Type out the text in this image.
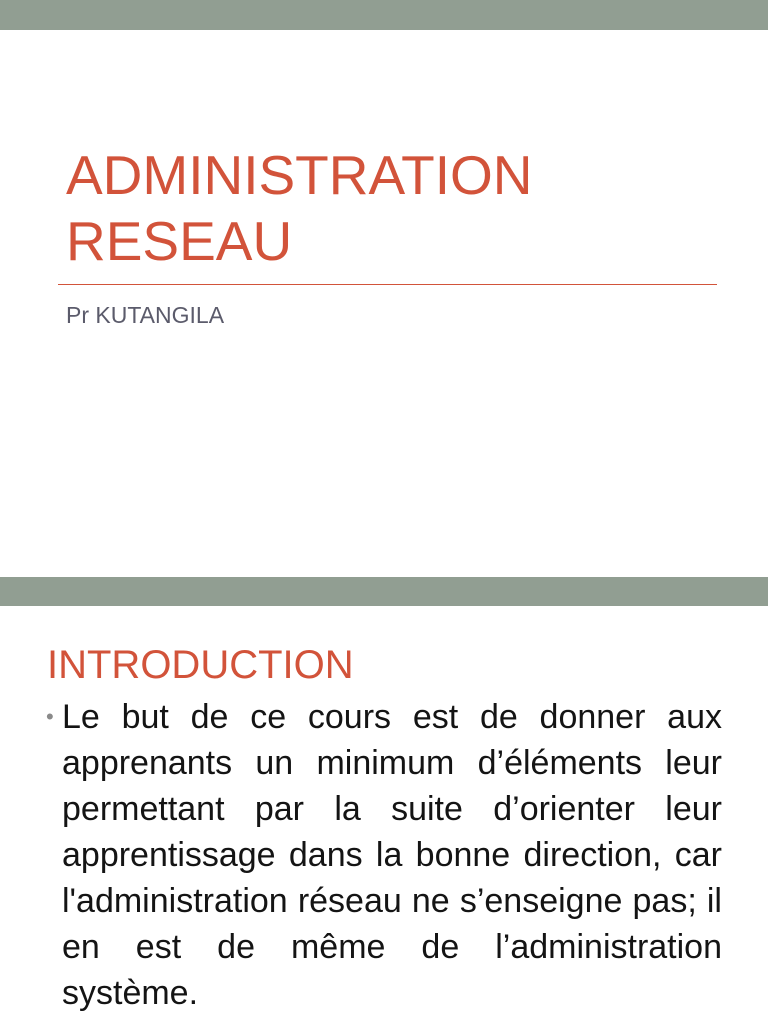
ADMINISTRATION
RESEAU

Pr KUTANGILA

INTRODUCTION
• Le but de ce cours est de donner aux apprenants un minimum d’éléments leur permettant par la suite d’orienter leur apprentissage dans la bonne direction, car l'administration réseau ne s’enseigne pas; il en est de même de l’administration système.
